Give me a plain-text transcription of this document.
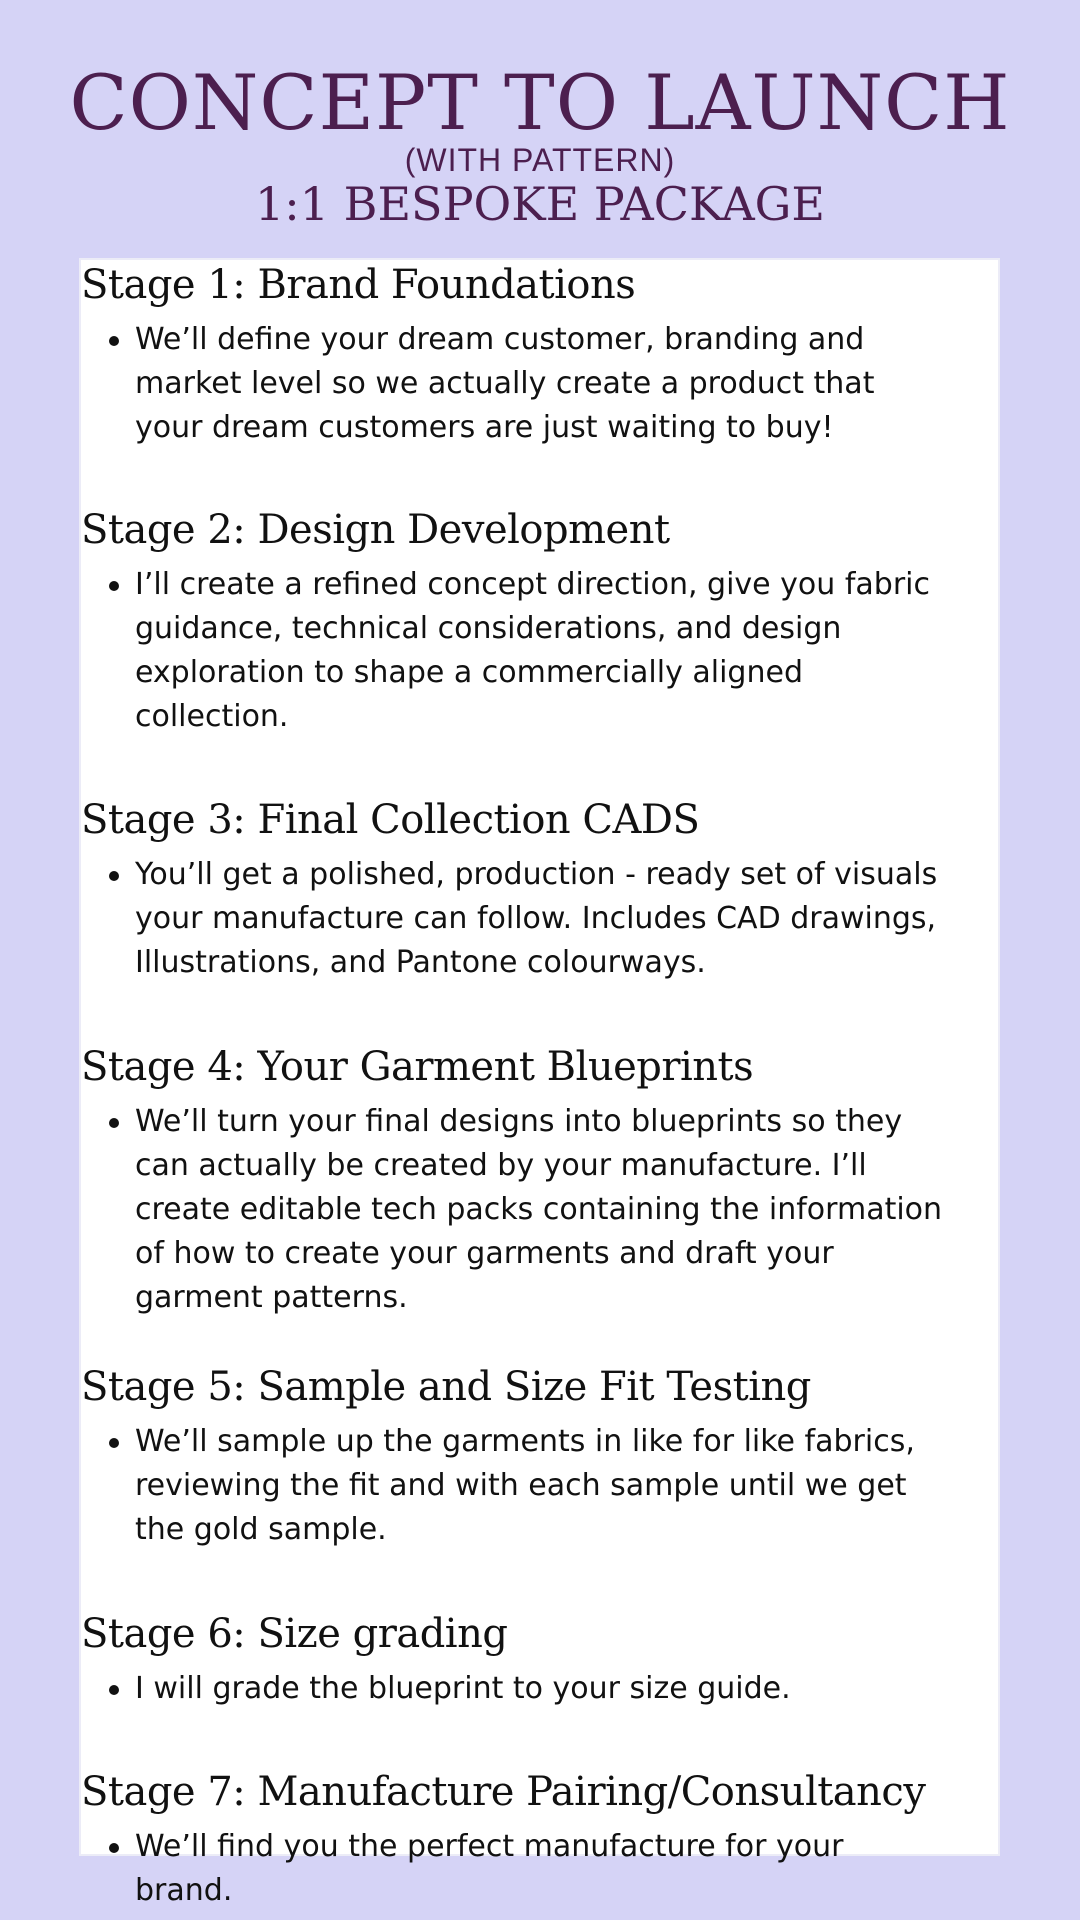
CONCEPT TO LAUNCH
(WITH PATTERN)
1:1 BESPOKE PACKAGE
Stage 1: Brand Foundations
We’ll define your dream customer, branding and market level so we actually create a product that your dream customers are just waiting to buy!
Stage 2: Design Development
I’ll create a refined concept direction, give you fabric guidance, technical considerations, and design exploration to shape a commercially aligned collection.
Stage 3: Final Collection CADS
You’ll get a polished, production - ready set of visuals your manufacture can follow. Includes CAD drawings, Illustrations, and Pantone colourways.
Stage 4: Your Garment Blueprints
We’ll turn your final designs into blueprints so they can actually be created by your manufacture. I’ll create editable tech packs containing the information of how to create your garments and draft your garment patterns.
Stage 5: Sample and Size Fit Testing
We’ll sample up the garments in like for like fabrics, reviewing the fit and with each sample until we get the gold sample.
Stage 6: Size grading
I will grade the blueprint to your size guide.
Stage 7: Manufacture Pairing/Consultancy
We’ll find you the perfect manufacture for your brand.
